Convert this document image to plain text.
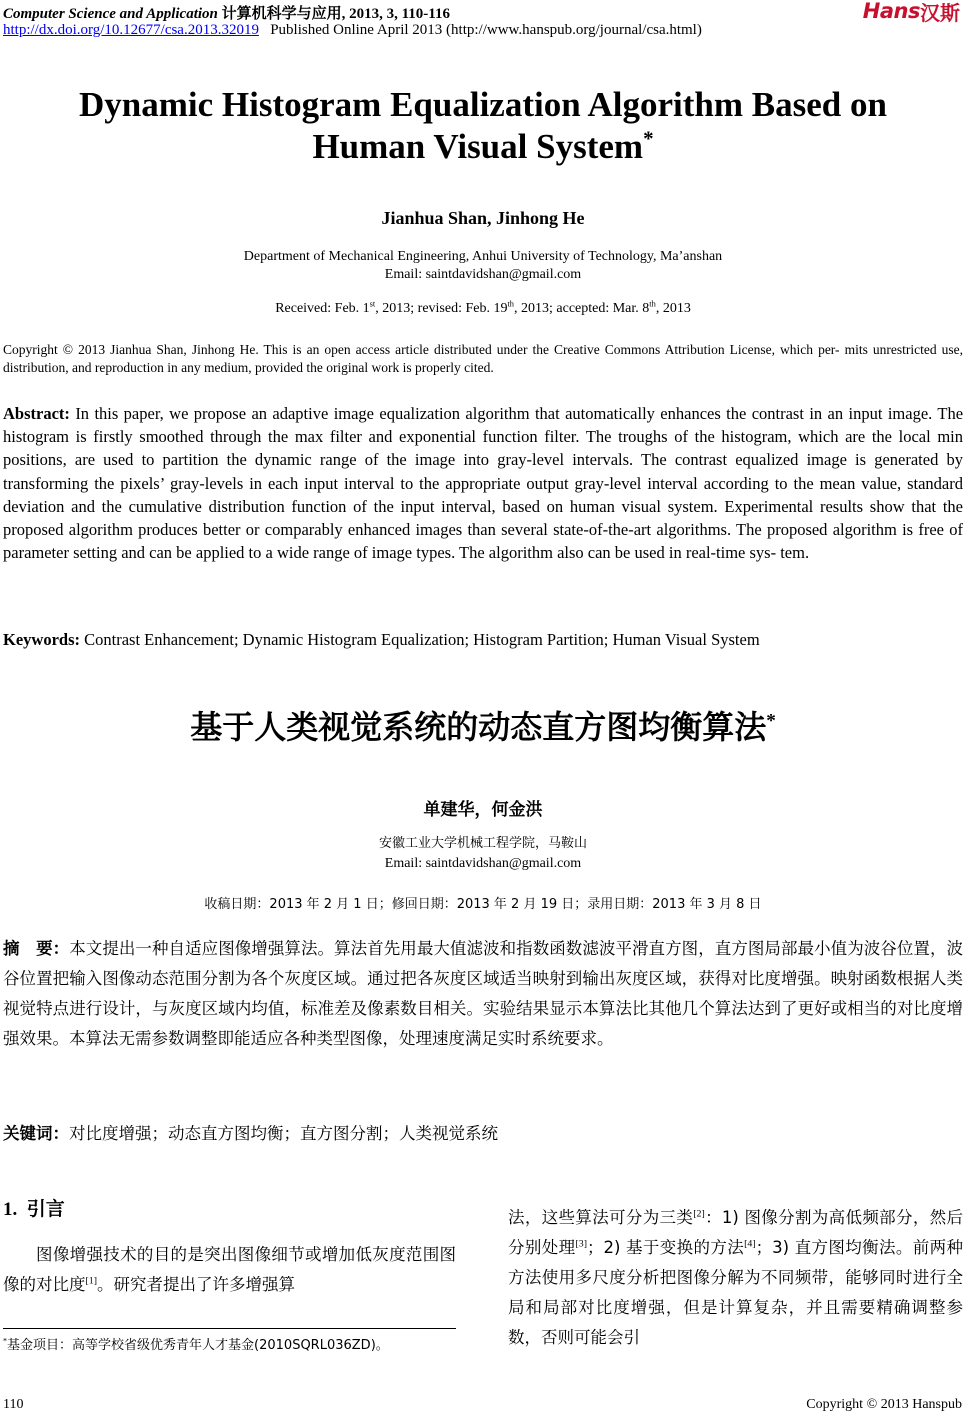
Computer Science and Application 计算机科学与应用, 2013, 3, 110-116
http://dx.doi.org/10.12677/csa.2013.32019 Published Online April 2013 (http://www.hanspub.org/journal/csa.html)
Hans 汉斯
Dynamic Histogram Equalization Algorithm Based on
Human Visual System*
Jianhua Shan, Jinhong He
Department of Mechanical Engineering, Anhui University of Technology, Ma’anshan
Email: saintdavidshan@gmail.com
Received: Feb. 1st, 2013; revised: Feb. 19th, 2013; accepted: Mar. 8th, 2013
Copyright © 2013 Jianhua Shan, Jinhong He. This is an open access article distributed under the Creative Commons Attribution License, which per- mits unrestricted use, distribution, and reproduction in any medium, provided the original work is properly cited.
Abstract: In this paper, we propose an adaptive image equalization algorithm that automatically enhances the contrast in an input image. The histogram is firstly smoothed through the max filter and exponential function filter. The troughs of the histogram, which are the local min positions, are used to partition the dynamic range of the image into gray-level intervals. The contrast equalized image is generated by transforming the pixels’ gray-levels in each input interval to the appropriate output gray-level interval according to the mean value, standard deviation and the cumulative distribution function of the input interval, based on human visual system. Experimental results show that the proposed algorithm produces better or comparably enhanced images than several state-of-the-art algorithms. The proposed algorithm is free of parameter setting and can be applied to a wide range of image types. The algorithm also can be used in real-time sys- tem.
Keywords: Contrast Enhancement; Dynamic Histogram Equalization; Histogram Partition; Human Visual System
基于人类视觉系统的动态直方图均衡算法*
单建华，何金洪
安徽工业大学机械工程学院，马鞍山
Email: saintdavidshan@gmail.com
收稿日期：2013 年 2 月 1 日；修回日期：2013 年 2 月 19 日；录用日期：2013 年 3 月 8 日
摘　要：本文提出一种自适应图像增强算法。算法首先用最大值滤波和指数函数滤波平滑直方图，直方图局部最小值为波谷位置，波谷位置把输入图像动态范围分割为各个灰度区域。通过把各灰度区域适当映射到输出灰度区域，获得对比度增强。映射函数根据人类视觉特点进行设计，与灰度区域内均值，标准差及像素数目相关。实验结果显示本算法比其他几个算法达到了更好或相当的对比度增强效果。本算法无需参数调整即能适应各种类型图像，处理速度满足实时系统要求。
关键词：对比度增强；动态直方图均衡；直方图分割；人类视觉系统
1. 引言

图像增强技术的目的是突出图像细节或增加低灰度范围图像的对比度[1]。研究者提出了许多增强算

法，这些算法可分为三类[2]：1) 图像分割为高低频部分，然后分别处理[3]；2) 基于变换的方法[4]；3) 直方图均衡法。前两种方法使用多尺度分析把图像分解为不同频带，能够同时进行全局和局部对比度增强，但是计算复杂，并且需要精确调整参数，否则可能会引

*基金项目：高等学校省级优秀青年人才基金(2010SQRL036ZD)。
110	Copyright © 2013 Hanspub
